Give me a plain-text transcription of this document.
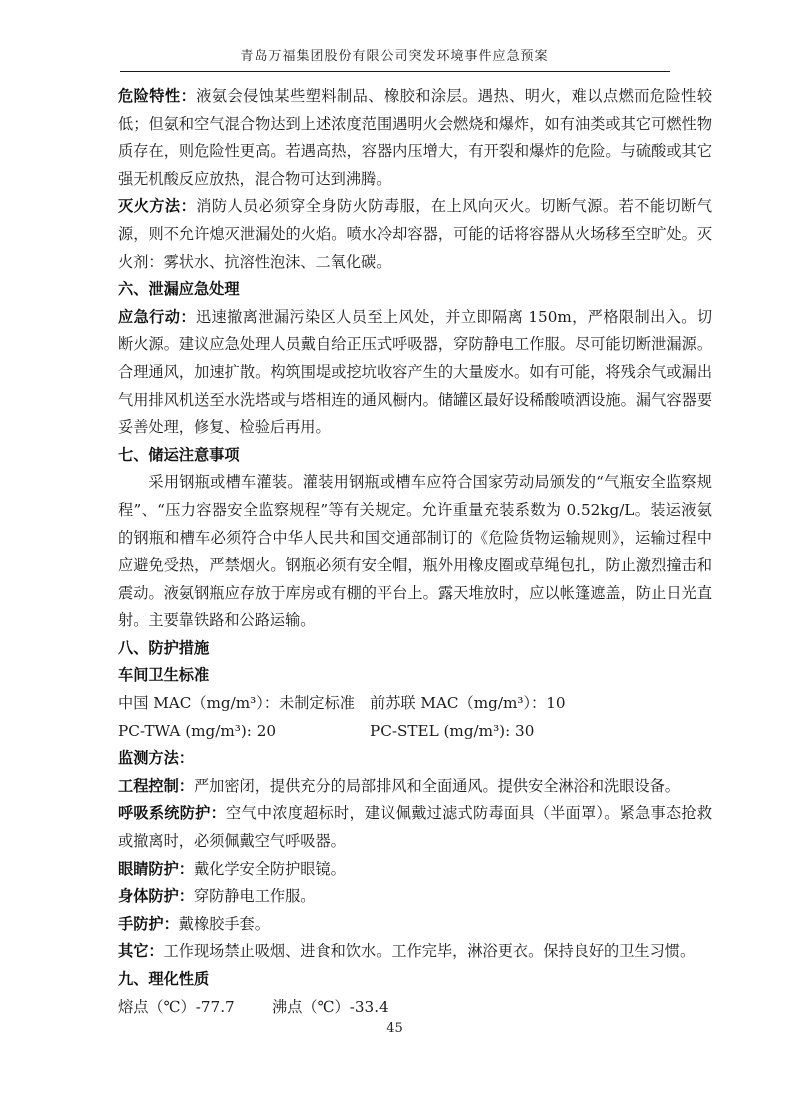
青岛万福集团股份有限公司突发环境事件应急预案

危险特性：液氨会侵蚀某些塑料制品、橡胶和涂层。遇热、明火，难以点燃而危险性较低；但氨和空气混合物达到上述浓度范围遇明火会燃烧和爆炸，如有油类或其它可燃性物质存在，则危险性更高。若遇高热，容器内压增大，有开裂和爆炸的危险。与硫酸或其它强无机酸反应放热，混合物可达到沸腾。

灭火方法：消防人员必须穿全身防火防毒服，在上风向灭火。切断气源。若不能切断气源，则不允许熄灭泄漏处的火焰。喷水冷却容器，可能的话将容器从火场移至空旷处。灭火剂：雾状水、抗溶性泡沫、二氧化碳。

六、泄漏应急处理

应急行动：迅速撤离泄漏污染区人员至上风处，并立即隔离 150m，严格限制出入。切断火源。建议应急处理人员戴自给正压式呼吸器，穿防静电工作服。尽可能切断泄漏源。合理通风，加速扩散。构筑围堤或挖坑收容产生的大量废水。如有可能，将残余气或漏出气用排风机送至水洗塔或与塔相连的通风橱内。储罐区最好设稀酸喷洒设施。漏气容器要妥善处理，修复、检验后再用。

七、储运注意事项

采用钢瓶或槽车灌装。灌装用钢瓶或槽车应符合国家劳动局颁发的“气瓶安全监察规程”、“压力容器安全监察规程”等有关规定。允许重量充装系数为 0.52kg/L。装运液氨的钢瓶和槽车必须符合中华人民共和国交通部制订的《危险货物运输规则》，运输过程中应避免受热，严禁烟火。钢瓶必须有安全帽，瓶外用橡皮圈或草绳包扎，防止激烈撞击和震动。液氨钢瓶应存放于库房或有棚的平台上。露天堆放时，应以帐篷遮盖，防止日光直射。主要靠铁路和公路运输。

八、防护措施

车间卫生标准

中国 MAC（mg/m³）：未制定标准 前苏联 MAC（mg/m³）：10
PC-TWA (mg/m³): 20	PC-STEL (mg/m³): 30

监测方法：

工程控制：严加密闭，提供充分的局部排风和全面通风。提供安全淋浴和洗眼设备。

呼吸系统防护：空气中浓度超标时，建议佩戴过滤式防毒面具（半面罩）。紧急事态抢救或撤离时，必须佩戴空气呼吸器。

眼睛防护：戴化学安全防护眼镜。

身体防护：穿防静电工作服。

手防护：戴橡胶手套。

其它：工作现场禁止吸烟、进食和饮水。工作完毕，淋浴更衣。保持良好的卫生习惯。

九、理化性质

熔点（℃）-77.7	沸点（℃）-33.4
45
